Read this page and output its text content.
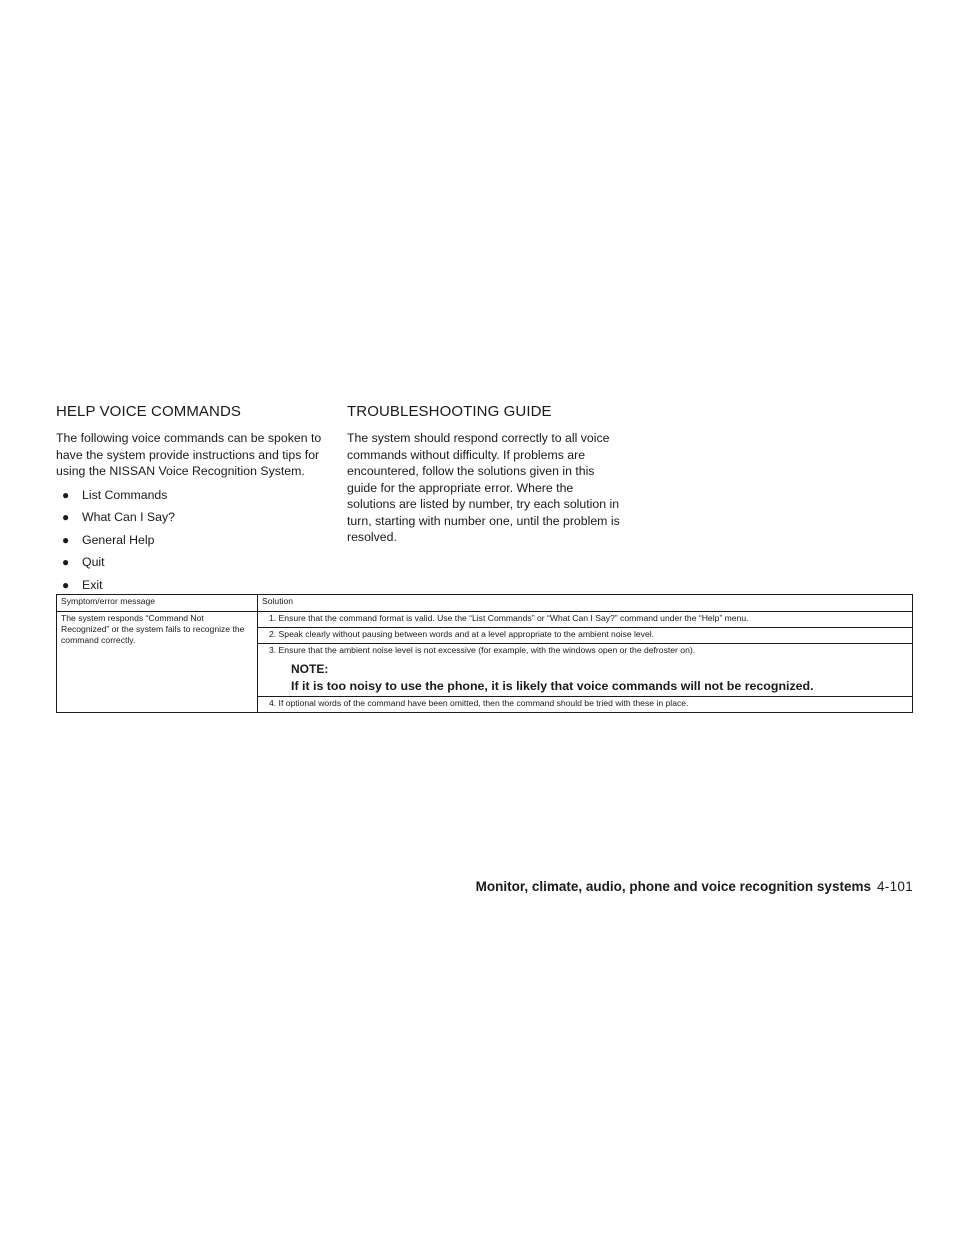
HELP VOICE COMMANDS

The following voice commands can be spoken to have the system provide instructions and tips for using the NISSAN Voice Recognition System.

●	List Commands
●	What Can I Say?
●	General Help
●	Quit
●	Exit
TROUBLESHOOTING GUIDE

The system should respond correctly to all voice commands without difficulty. If problems are encountered, follow the solutions given in this guide for the appropriate error. Where the solutions are listed by number, try each solution in turn, starting with number one, until the problem is resolved.

Symptom/error message	Solution
The system responds “Command Not Recognized” or the system fails to recognize the command correctly.	1. Ensure that the command format is valid. Use the “List Commands” or “What Can I Say?” command under the “Help” menu.
	2. Speak clearly without pausing between words and at a level appropriate to the ambient noise level.

	3. Ensure that the ambient noise level is not excessive (for example, with the windows open or the defroster on).
NOTE:
If it is too noisy to use the phone, it is likely that voice commands will not be recognized.

	4. If optional words of the command have been omitted, then the command should be tried with these in place.
Monitor, climate, audio, phone and voice recognition systems 4-101
